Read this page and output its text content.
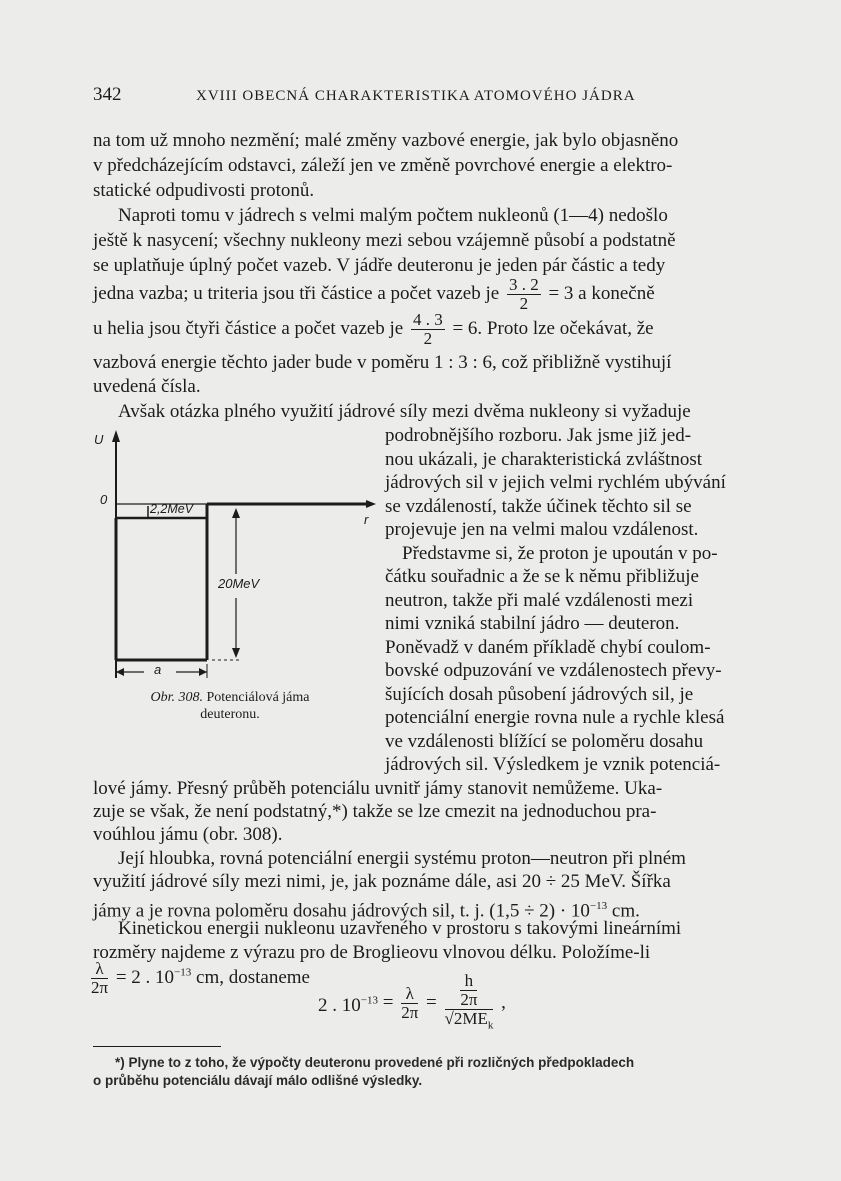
342	XVIII OBECNÁ CHARAKTERISTIKA ATOMOVÉHO JÁDRA
na tom už mnoho nezmění; malé změny vazbové energie, jak bylo objasněno
v předcházejícím odstavci, záleží jen ve změně povrchové energie a elektro-
statické odpudivosti protonů.
Naproti tomu v jádrech s velmi malým počtem nukleonů (1—4) nedošlo
ještě k nasycení; všechny nukleony mezi sebou vzájemně působí a podstatně
se uplatňuje úplný počet vazeb. V jádře deuteronu je jeden pár částic a tedy
jedna vazba; u triteria jsou tři částice a počet vazeb je $\frac{3 . 2}{2} = 3$ a konečně
u helia jsou čtyři částice a počet vazeb je $\frac{4 . 3}{2} = 6$. Proto lze očekávat, že
vazbová energie těchto jader bude v poměru 1 : 3 : 6, což přibližně vystihují
uvedená čísla.
Avšak otázka plného využití jádrové síly mezi dvěma nukleony si vyžaduje
podrobnějšího rozboru. Jak jsme již jed-
nou ukázali, je charakteristická zvláštnost
jádrových sil v jejich velmi rychlém ubývání
se vzdáleností, takže účinek těchto sil se
projevuje jen na velmi malou vzdálenost.
Představme si, že proton je upoután v po-
čátku souřadnic a že se k němu přibližuje
neutron, takže při malé vzdálenosti mezi
nimi vzniká stabilní jádro — deuteron.
Poněvadž v daném příkladě chybí coulom-
bovské odpuzování ve vzdálenostech převy-
šujících dosah působení jádrových sil, je
potenciální energie rovna nule a rychle klesá
ve vzdálenosti blížící se poloměru dosahu
jádrových sil. Výsledkem je vznik potenciá-
U
0
r
2,2MeV
20MeV
a
Obr. 308. Potenciálová jáma
deuteronu.
lové jámy. Přesný průběh potenciálu uvnitř jámy stanovit nemůžeme. Uka-
zuje se však, že není podstatný,*) takže se lze cmezit na jednoduchou pra-
voúhlou jámu (obr. 308).
Její hloubka, rovná potenciální energii systému proton—neutron při plném
využití jádrové síly mezi nimi, je, jak poznáme dále, asi 20 ÷ 25 MeV. Šířka
jámy a je rovna poloměru dosahu jádrových sil, t. j. $(1,5 \div 2) \cdot 10^{-13}$ cm.
Kinetickou energii nukleonu uzavřeného v prostoru s takovými lineárními
rozměry najdeme z výrazu pro de Broglieovu vlnovou délku. Položíme-li
$\frac{\lambda}{2\pi} = 2$ . $10^{-13}$ cm, dostaneme
2 . $10^{-13} = \frac{\lambda}{2\pi} = \frac{\frac{h}{2\pi}}{√2ME_k}$ ,
*) Plyne to z toho, že výpočty deuteronu provedené při rozličných předpokladech
o průběhu potenciálu dávají málo odlišné výsledky.
